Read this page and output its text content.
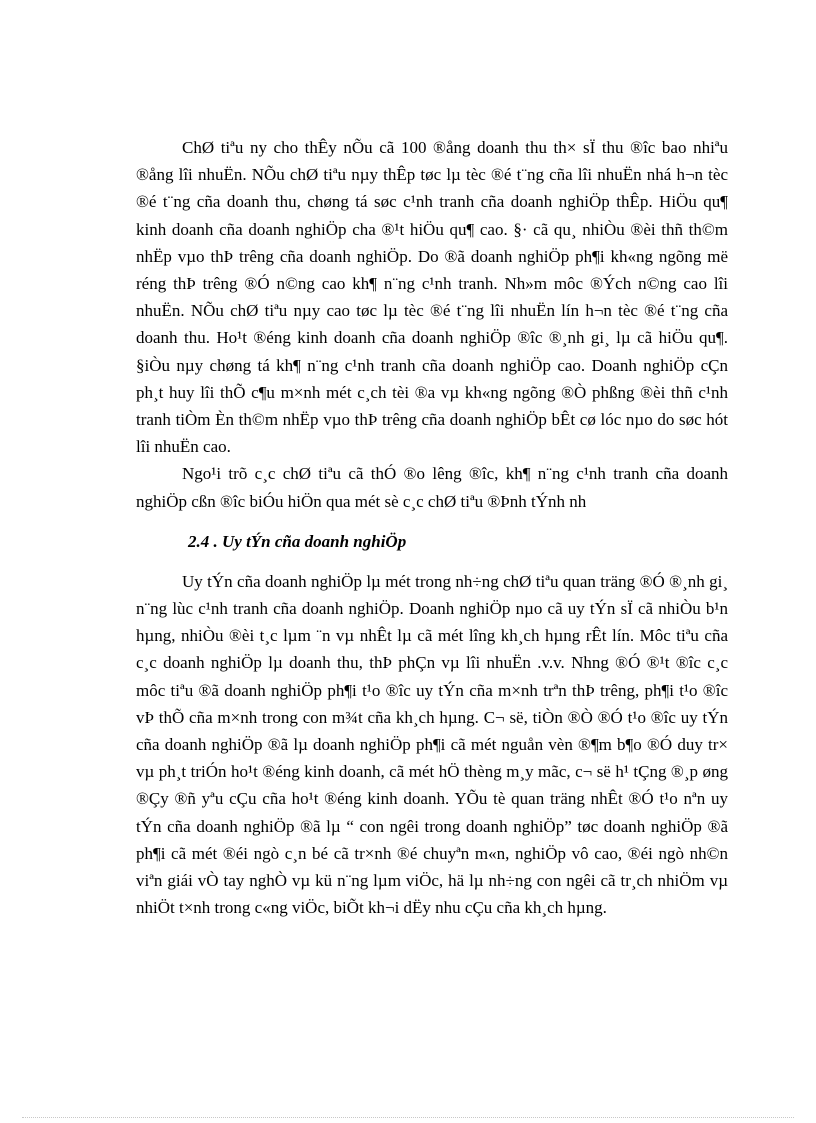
ChØ tiªu ny cho thÊy nÕu cã 100 ®ång doanh thu th× sÏ thu ®îc bao nhiªu ®ång lîi nhuËn. NÕu chØ tiªu nµy thÊp tøc lµ tèc ®é t¨ng cña lîi nhuËn nhá h¬n tèc ®é t¨ng cña doanh thu, chøng tá søc c¹nh tranh cña doanh nghiÖp thÊp. HiÖu qu¶ kinh doanh cña doanh nghiÖp cha ®¹t hiÖu qu¶ cao. §· cã qu¸ nhiÒu ®èi thñ th©m nhËp vµo thÞ trêng cña doanh nghiÖp. Do ®ã doanh nghiÖp ph¶i kh«ng ngõng më réng thÞ trêng ®Ó n©ng cao kh¶ n¨ng c¹nh tranh. Nh»m môc ®Ých n©ng cao lîi nhuËn. NÕu chØ tiªu nµy cao tøc lµ tèc ®é t¨ng lîi nhuËn lín h¬n tèc ®é t¨ng cña doanh thu. Ho¹t ®éng kinh doanh cña doanh nghiÖp ®îc ®¸nh gi¸ lµ cã hiÖu qu¶. §iÒu nµy chøng tá kh¶ n¨ng c¹nh tranh cña doanh nghiÖp cao. Doanh nghiÖp cÇn ph¸t huy lîi thÕ c¶u m×nh mét c¸ch tèi ®a vµ kh«ng ngõng ®Ò phßng ®èi thñ c¹nh tranh tiÒm Èn th©m nhËp vµo thÞ trêng cña doanh nghiÖp bÊt cø lóc nµo do søc hót lîi nhuËn cao.

Ngo¹i trõ c¸c chØ tiªu cã thÓ ®o lêng ®îc, kh¶ n¨ng c¹nh tranh cña doanh nghiÖp cßn ®îc biÓu hiÖn qua mét sè c¸c chØ tiªu ®Þnh tÝnh nh

2.4 . Uy tÝn cña doanh nghiÖp

Uy tÝn cña doanh nghiÖp lµ mét trong nh÷ng chØ tiªu quan träng ®Ó ®¸nh gi¸ n¨ng lùc c¹nh tranh cña doanh nghiÖp. Doanh nghiÖp nµo cã uy tÝn sÏ cã nhiÒu b¹n hµng, nhiÒu ®èi t¸c lµm ¨n vµ nhÊt lµ cã mét lîng kh¸ch hµng rÊt lín. Môc tiªu cña c¸c doanh nghiÖp lµ doanh thu, thÞ phÇn vµ lîi nhuËn .v.v. Nhng ®Ó ®¹t ®îc c¸c môc tiªu ®ã doanh nghiÖp ph¶i t¹o ®îc uy tÝn cña m×nh trªn thÞ trêng, ph¶i t¹o ®îc vÞ thÕ cña m×nh trong con m¾t cña kh¸ch hµng. C¬ së, tiÒn ®Ò ®Ó t¹o ®îc uy tÝn cña doanh nghiÖp ®ã lµ doanh nghiÖp ph¶i cã mét nguån vèn ®¶m b¶o ®Ó duy tr× vµ ph¸t triÓn ho¹t ®éng kinh doanh, cã mét hÖ thèng m¸y mãc, c¬ së h¹ tÇng ®¸p øng ®Çy ®ñ yªu cÇu cña ho¹t ®éng kinh doanh. YÕu tè quan träng nhÊt ®Ó t¹o nªn uy tÝn cña doanh nghiÖp ®ã lµ “ con ngêi trong doanh nghiÖp” tøc doanh nghiÖp ®ã ph¶i cã mét ®éi ngò c¸n bé cã tr×nh ®é chuyªn m«n, nghiÖp vô cao, ®éi ngò nh©n viªn giái vÒ tay nghÒ vµ kü n¨ng lµm viÖc, hä lµ nh÷ng con ngêi cã tr¸ch nhiÖm vµ nhiÖt t×nh trong c«ng viÖc, biÕt kh¬i dËy nhu cÇu cña kh¸ch hµng.
